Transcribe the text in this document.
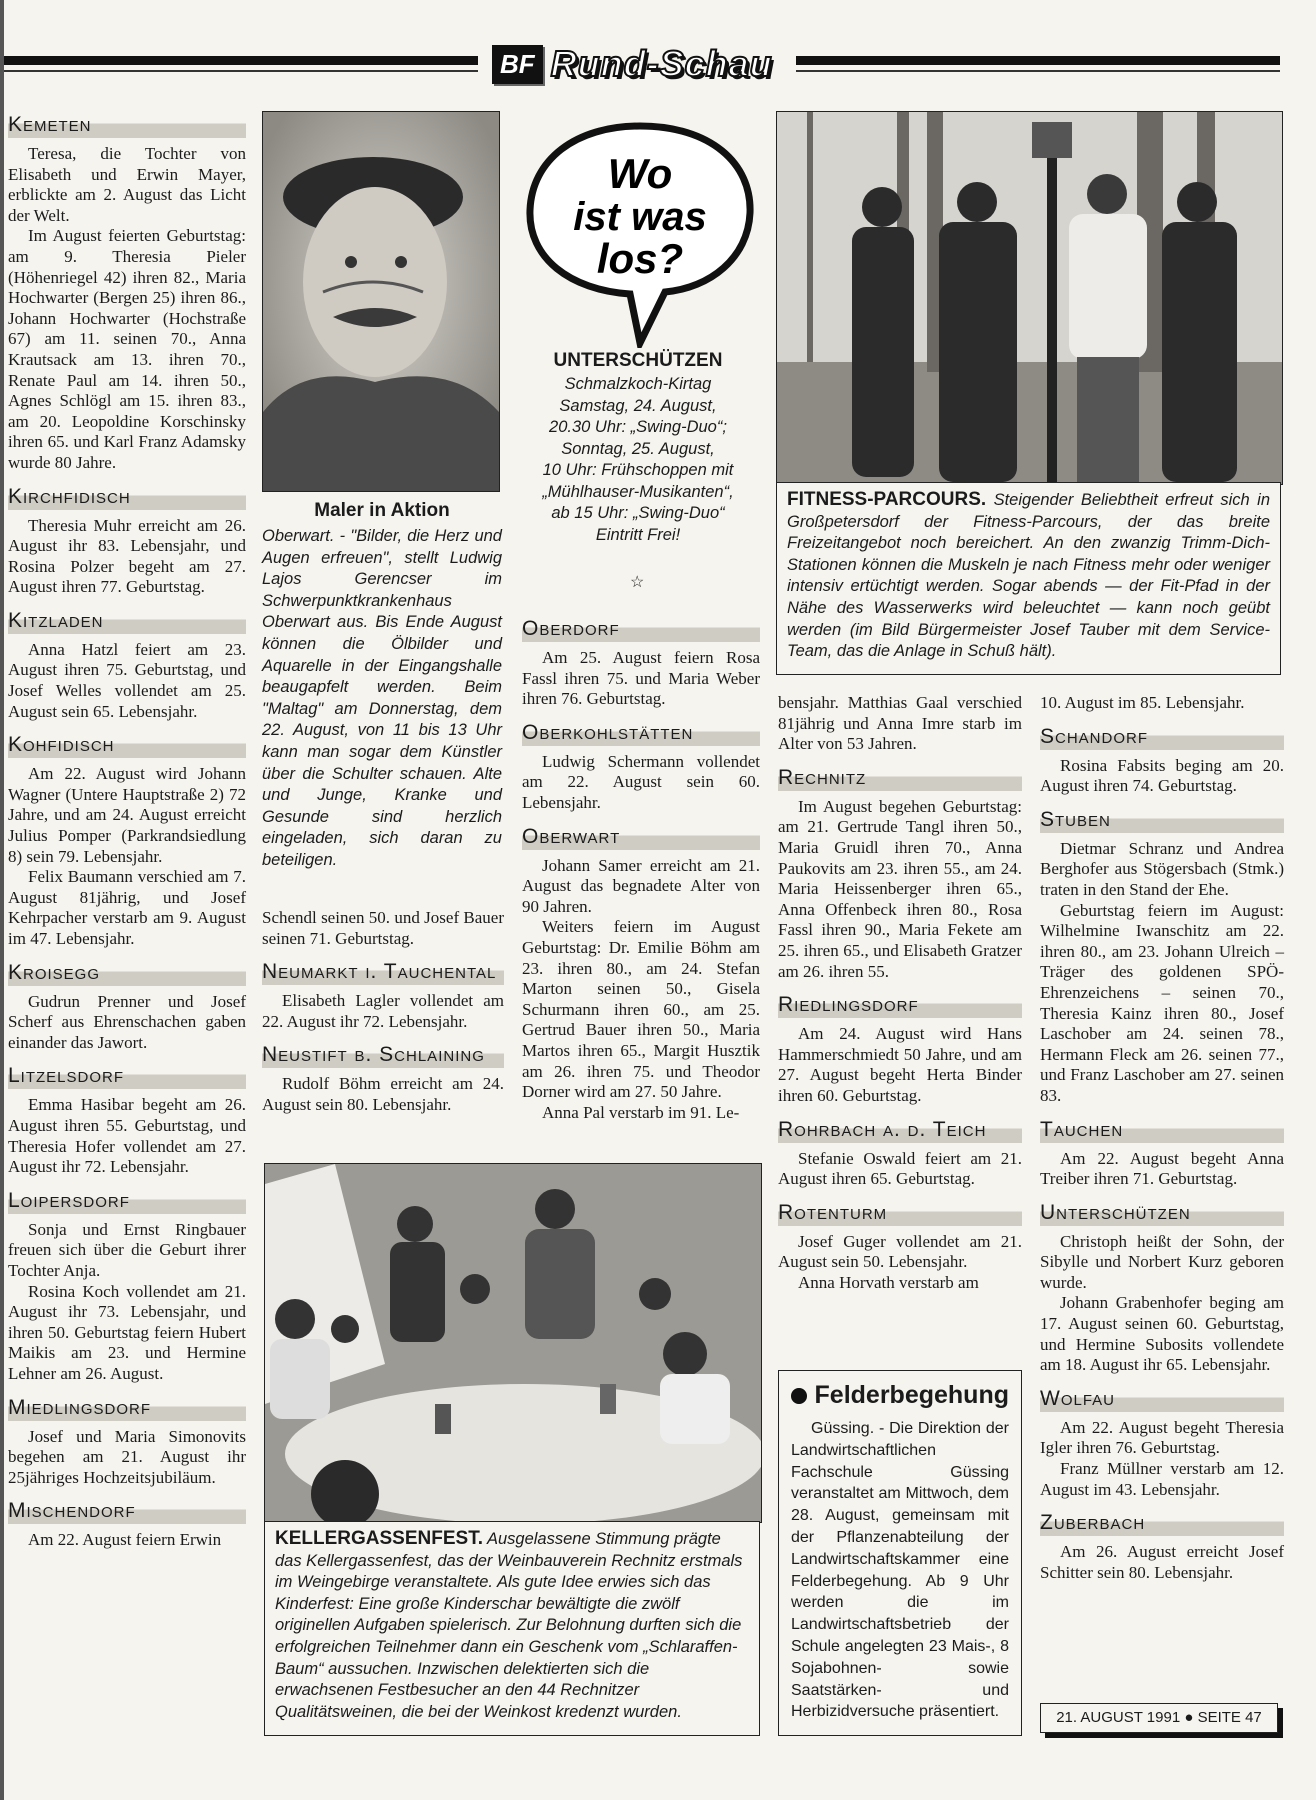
BF Rund-Schau
Kemeten

Teresa, die Tochter von Elisabeth und Erwin Mayer, erblickte am 2. August das Licht der Welt.

Im August feierten Geburtstag: am 9. Theresia Pieler (Höhenriegel 42) ihren 82., Maria Hochwarter (Bergen 25) ihren 86., Johann Hochwarter (Hochstraße 67) am 11. seinen 70., Anna Krautsack am 13. ihren 70., Renate Paul am 14. ihren 50., Agnes Schlögl am 15. ihren 83., am 20. Leopoldine Korschinsky ihren 65. und Karl Franz Adamsky wurde 80 Jahre.

Kirchfidisch

Theresia Muhr erreicht am 26. August ihr 83. Lebensjahr, und Rosina Polzer begeht am 27. August ihren 77. Geburtstag.

Kitzladen

Anna Hatzl feiert am 23. August ihren 75. Geburtstag, und Josef Welles vollendet am 25. August sein 65. Lebensjahr.

Kohfidisch

Am 22. August wird Johann Wagner (Untere Hauptstraße 2) 72 Jahre, und am 24. August erreicht Julius Pomper (Parkrandsiedlung 8) sein 79. Lebensjahr.

Felix Baumann verschied am 7. August 81jährig, und Josef Kehrpacher verstarb am 9. August im 47. Lebensjahr.

Kroisegg

Gudrun Prenner und Josef Scherf aus Ehrenschachen gaben einander das Jawort.

Litzelsdorf

Emma Hasibar begeht am 26. August ihren 55. Geburtstag, und Theresia Hofer vollendet am 27. August ihr 72. Lebensjahr.

Loipersdorf

Sonja und Ernst Ringbauer freuen sich über die Geburt ihrer Tochter Anja.

Rosina Koch vollendet am 21. August ihr 73. Lebensjahr, und ihren 50. Geburtstag feiern Hubert Maikis am 23. und Hermine Lehner am 26. August.

Miedlingsdorf

Josef und Maria Simonovits begehen am 21. August ihr 25jähriges Hochzeitsjubiläum.

Mischendorf

Am 22. August feiern Erwin

Maler in Aktion
Oberwart. - "Bilder, die Herz und Augen erfreuen", stellt Ludwig Lajos Gerencser im Schwerpunktkrankenhaus Oberwart aus. Bis Ende August können die Ölbilder und Aquarelle in der Eingangshalle beaugapfelt werden. Beim "Maltag" am Donnerstag, dem 22. August, von 11 bis 13 Uhr kann man sogar dem Künstler über die Schulter schauen. Alte und Junge, Kranke und Gesunde sind herzlich eingeladen, sich daran zu beteiligen.

Schendl seinen 50. und Josef Bauer seinen 71. Geburtstag.

Neumarkt i. Tauchental

Elisabeth Lagler vollendet am 22. August ihr 72. Lebensjahr.

Neustift b. Schlaining

Rudolf Böhm erreicht am 24. August sein 80. Lebensjahr.

Wo
ist was
los?
UNTERSCHÜTZEN
Schmalzkoch-Kirtag
Samstag, 24. August,
20.30 Uhr: „Swing-Duo“;
Sonntag, 25. August,
10 Uhr: Frühschoppen mit
„Mühlhauser-Musikanten“,
ab 15 Uhr: „Swing-Duo“
Eintritt Frei!
☆
Oberdorf

Am 25. August feiern Rosa Fassl ihren 75. und Maria Weber ihren 76. Geburtstag.

Oberkohlstätten

Ludwig Schermann vollendet am 22. August sein 60. Lebensjahr.

Oberwart

Johann Samer erreicht am 21. August das begnadete Alter von 90 Jahren.

Weiters feiern im August Geburtstag: Dr. Emilie Böhm am 23. ihren 80., am 24. Stefan Marton seinen 50., Gisela Schurmann ihren 60., am 25. Gertrud Bauer ihren 50., Maria Martos ihren 65., Margit Husztik am 26. ihren 75. und Theodor Dorner wird am 27. 50 Jahre.

Anna Pal verstarb im 91. Le-

FITNESS-PARCOURS. Steigender Beliebtheit erfreut sich in Großpetersdorf der Fitness-Parcours, der das breite Freizeitangebot noch bereichert. An den zwanzig Trimm-Dich-Stationen können die Muskeln je nach Fitness mehr oder weniger intensiv ertüchtigt werden. Sogar abends — der Fit-Pfad in der Nähe des Wasserwerks wird beleuchtet — kann noch geübt werden (im Bild Bürgermeister Josef Tauber mit dem Service-Team, das die Anlage in Schuß hält).

bensjahr. Matthias Gaal verschied 81jährig und Anna Imre starb im Alter von 53 Jahren.

Rechnitz

Im August begehen Geburtstag: am 21. Gertrude Tangl ihren 50., Maria Gruidl ihren 70., Anna Paukovits am 23. ihren 55., am 24. Maria Heissenberger ihren 65., Anna Offenbeck ihren 80., Rosa Fassl ihren 90., Maria Fekete am 25. ihren 65., und Elisabeth Gratzer am 26. ihren 55.

Riedlingsdorf

Am 24. August wird Hans Hammerschmiedt 50 Jahre, und am 27. August begeht Herta Binder ihren 60. Geburtstag.

Rohrbach a. d. Teich

Stefanie Oswald feiert am 21. August ihren 65. Geburtstag.

Rotenturm

Josef Guger vollendet am 21. August sein 50. Lebensjahr.

Anna Horvath verstarb am

10. August im 85. Lebensjahr.

Schandorf

Rosina Fabsits beging am 20. August ihren 74. Geburtstag.

Stuben

Dietmar Schranz und Andrea Berghofer aus Stögersbach (Stmk.) traten in den Stand der Ehe.

Geburtstag feiern im August: Wilhelmine Iwanschitz am 22. ihren 80., am 23. Johann Ulreich – Träger des goldenen SPÖ-Ehrenzeichens – seinen 70., Theresia Kainz ihren 80., Josef Laschober am 24. seinen 78., Hermann Fleck am 26. seinen 77., und Franz Laschober am 27. seinen 83.

Tauchen

Am 22. August begeht Anna Treiber ihren 71. Geburtstag.

Unterschützen

Christoph heißt der Sohn, der Sibylle und Norbert Kurz geboren wurde.

Johann Grabenhofer beging am 17. August seinen 60. Geburtstag, und Hermine Subosits vollendete am 18. August ihr 65. Lebensjahr.

Wolfau

Am 22. August begeht Theresia Igler ihren 76. Geburtstag.

Franz Müllner verstarb am 12. August im 43. Lebensjahr.

Zuberbach

Am 26. August erreicht Josef Schitter sein 80. Lebensjahr.

KELLERGASSENFEST. Ausgelassene Stimmung prägte das Kellergassenfest, das der Weinbauverein Rechnitz erstmals im Weingebirge veranstaltete. Als gute Idee erwies sich das Kinderfest: Eine große Kinderschar bewältigte die zwölf originellen Aufgaben spielerisch. Zur Belohnung durften sich die erfolgreichen Teilnehmer dann ein Geschenk vom „Schlaraffen-Baum“ aussuchen. Inzwischen delektierten sich die erwachsenen Festbesucher an den 44 Rechnitzer Qualitätsweinen, die bei der Weinkost kredenzt wurden.
Felderbegehung

Güssing. - Die Direktion der Landwirtschaftlichen Fachschule Güssing veranstaltet am Mittwoch, dem 28. August, gemeinsam mit der Pflanzenabteilung der Landwirtschaftskammer eine Felderbegehung. Ab 9 Uhr werden die im Landwirtschaftsbetrieb der Schule angelegten 23 Mais-, 8 Sojabohnen- sowie Saatstärken- und Herbizidversuche präsentiert.	21. AUGUST 1991 ● SEITE 47
